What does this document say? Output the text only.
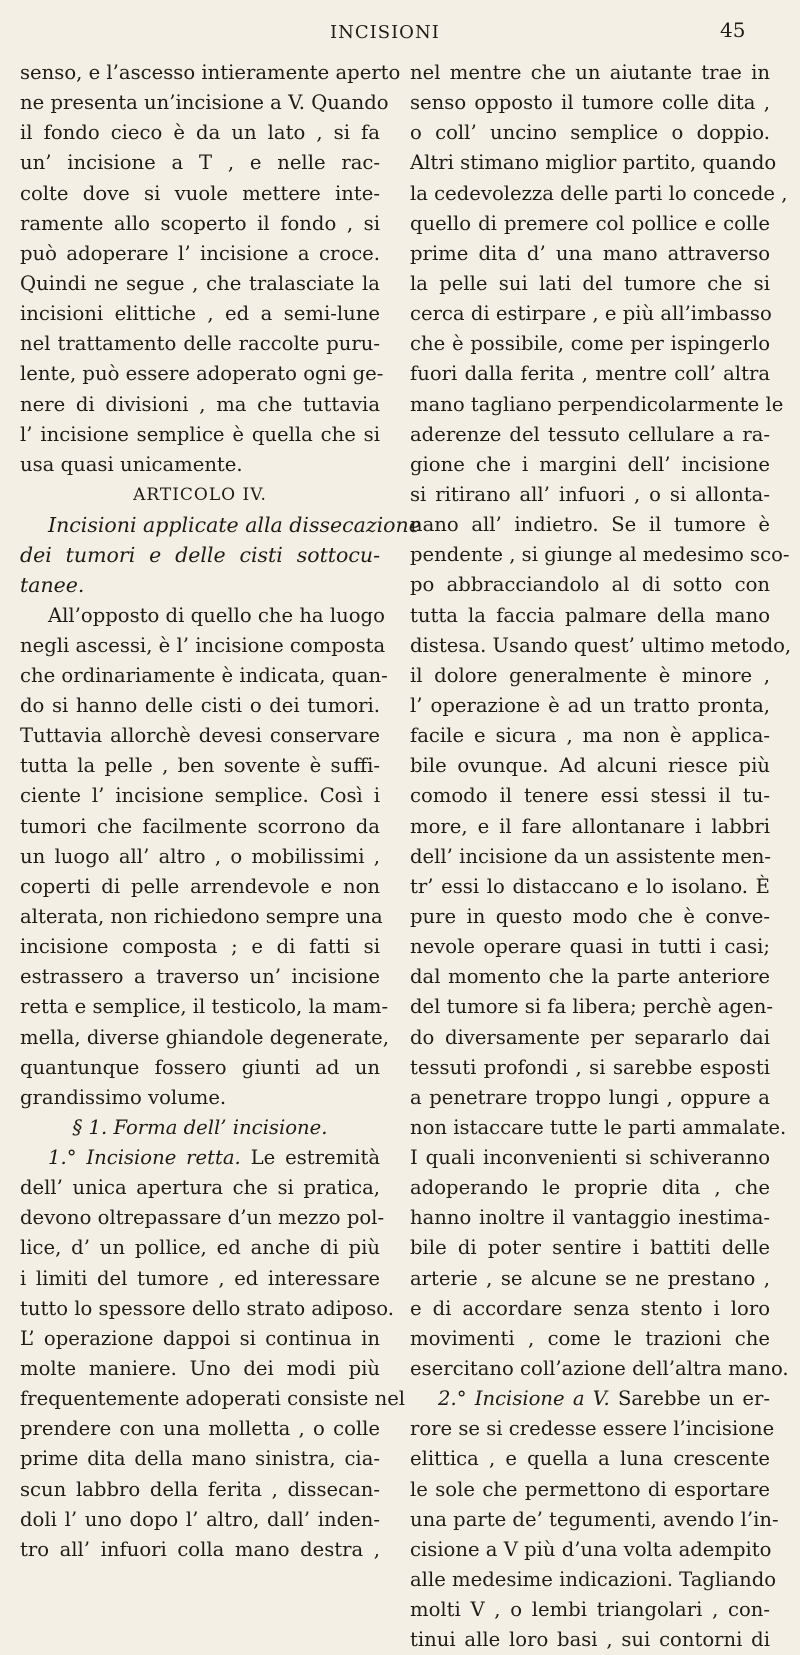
INCISIONI	45
senso, e l’ascesso intieramente aperto
ne presenta un’incisione a V. Quando
il fondo cieco è da un lato , si fa
un’ incisione a T , e nelle rac-
colte dove si vuole mettere inte-
ramente allo scoperto il fondo , si
può adoperare l’ incisione a croce.
Quindi ne segue , che tralasciate la
incisioni elittiche , ed a semi-lune
nel trattamento delle raccolte puru-
lente, può essere adoperato ogni ge-
nere di divisioni , ma che tuttavia
l’ incisione semplice è quella che si
usa quasi unicamente.
ARTICOLO IV.
Incisioni applicate alla dissecazione
dei tumori e delle cisti sottocu-
tanee.
All’opposto di quello che ha luogo
negli ascessi, è l’ incisione composta
che ordinariamente è indicata, quan-
do si hanno delle cisti o dei tumori.
Tuttavia allorchè devesi conservare
tutta la pelle , ben sovente è suffi-
ciente l’ incisione semplice. Così i
tumori che facilmente scorrono da
un luogo all’ altro , o mobilissimi ,
coperti di pelle arrendevole e non
alterata, non richiedono sempre una
incisione composta ; e di fatti si
estrassero a traverso un’ incisione
retta e semplice, il testicolo, la mam-
mella, diverse ghiandole degenerate,
quantunque fossero giunti ad un
grandissimo volume.
§ 1. Forma dell’ incisione.
1.° Incisione retta. Le estremità
dell’ unica apertura che si pratica,
devono oltrepassare d’un mezzo pol-
lice, d’ un pollice, ed anche di più
i limiti del tumore , ed interessare
tutto lo spessore dello strato adiposo.
L’ operazione dappoi si continua in
molte maniere. Uno dei modi più
frequentemente adoperati consiste nel
prendere con una molletta , o colle
prime dita della mano sinistra, cia-
scun labbro della ferita , dissecan-
doli l’ uno dopo l’ altro, dall’ inden-
tro all’ infuori colla mano destra ,
nel mentre che un aiutante trae in
senso opposto il tumore colle dita ,
o coll’ uncino semplice o doppio.
Altri stimano miglior partito, quando
la cedevolezza delle parti lo concede ,
quello di premere col pollice e colle
prime dita d’ una mano attraverso
la pelle sui lati del tumore che si
cerca di estirpare , e più all’imbasso
che è possibile, come per ispingerlo
fuori dalla ferita , mentre coll’ altra
mano tagliano perpendicolarmente le
aderenze del tessuto cellulare a ra-
gione che i margini dell’ incisione
si ritirano all’ infuori , o si allonta-
nano all’ indietro. Se il tumore è
pendente , si giunge al medesimo sco-
po abbracciandolo al di sotto con
tutta la faccia palmare della mano
distesa. Usando quest’ ultimo metodo,
il dolore generalmente è minore ,
l’ operazione è ad un tratto pronta,
facile e sicura , ma non è applica-
bile ovunque. Ad alcuni riesce più
comodo il tenere essi stessi il tu-
more, e il fare allontanare i labbri
dell’ incisione da un assistente men-
tr’ essi lo distaccano e lo isolano. È
pure in questo modo che è conve-
nevole operare quasi in tutti i casi;
dal momento che la parte anteriore
del tumore si fa libera; perchè agen-
do diversamente per separarlo dai
tessuti profondi , si sarebbe esposti
a penetrare troppo lungi , oppure a
non istaccare tutte le parti ammalate.
I quali inconvenienti si schiveranno
adoperando le proprie dita , che
hanno inoltre il vantaggio inestima-
bile di poter sentire i battiti delle
arterie , se alcune se ne prestano ,
e di accordare senza stento i loro
movimenti , come le trazioni che
esercitano coll’azione dell’altra mano.
2.° Incisione a V. Sarebbe un er-
rore se si credesse essere l’incisione
elittica , e quella a luna crescente
le sole che permettono di esportare
una parte de’ tegumenti, avendo l’in-
cisione a V più d’una volta adempito
alle medesime indicazioni. Tagliando
molti V , o lembi triangolari , con-
tinui alle loro basi , sui contorni di
